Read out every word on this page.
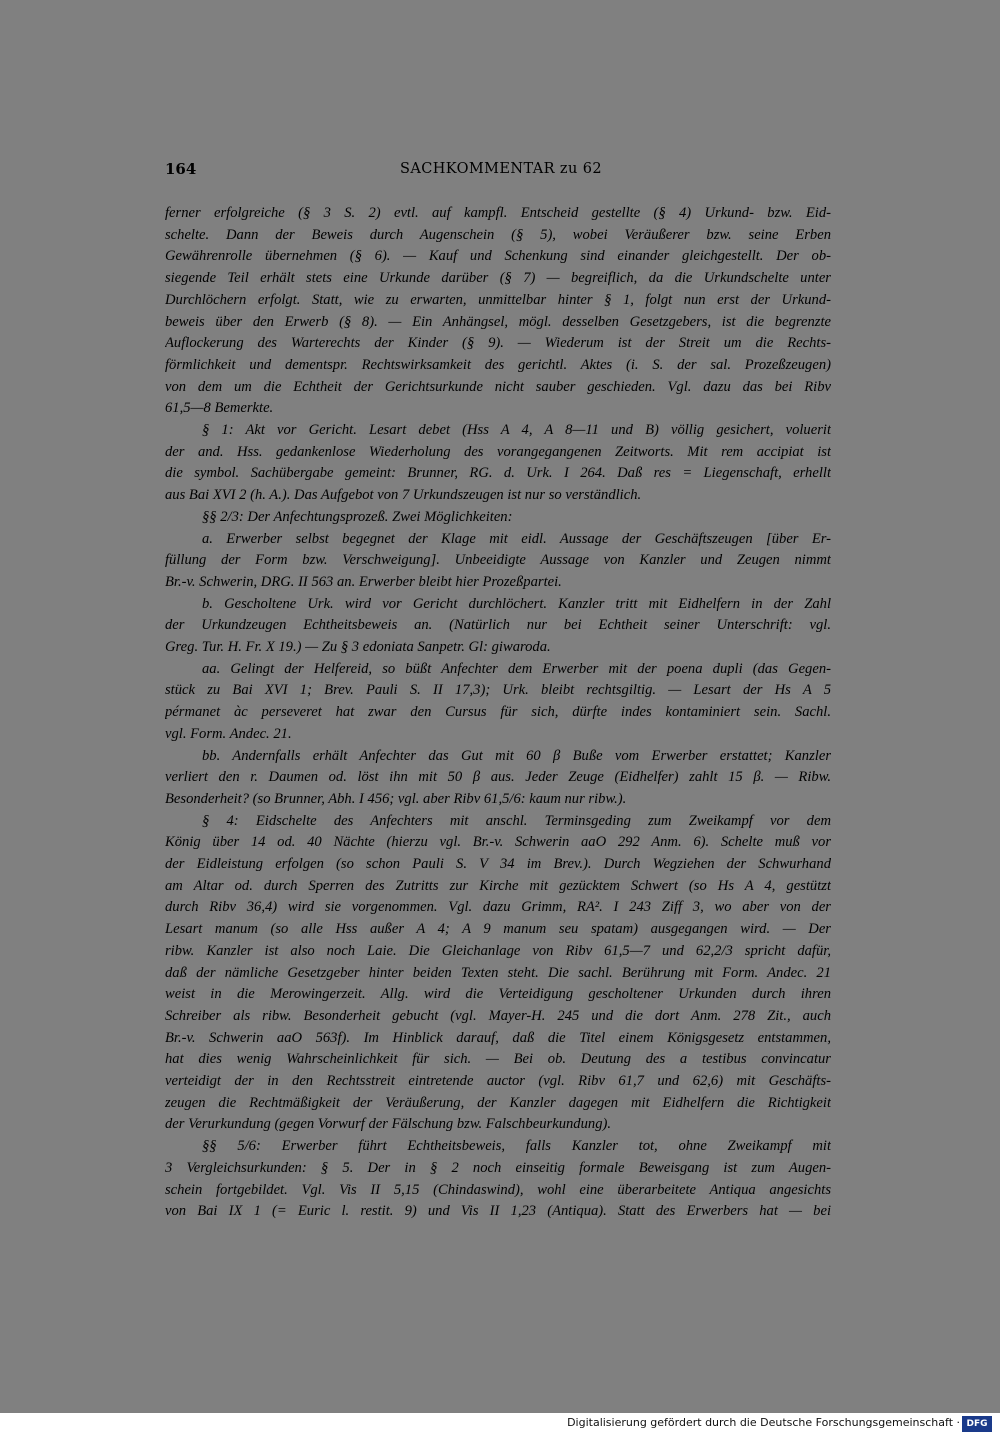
164	SACHKOMMENTAR zu 62
ferner erfolgreiche (§ 3 S. 2) evtl. auf kampfl. Entscheid gestellte (§ 4) Urkund- bzw. Eid-
schelte. Dann der Beweis durch Augenschein (§ 5), wobei Veräußerer bzw. seine Erben
Gewährenrolle übernehmen (§ 6). — Kauf und Schenkung sind einander gleichgestellt. Der ob-
siegende Teil erhält stets eine Urkunde darüber (§ 7) — begreiflich, da die Urkundschelte unter
Durchlöchern erfolgt. Statt, wie zu erwarten, unmittelbar hinter § 1, folgt nun erst der Urkund-
beweis über den Erwerb (§ 8). — Ein Anhängsel, mögl. desselben Gesetzgebers, ist die begrenzte
Auflockerung des Warterechts der Kinder (§ 9). — Wiederum ist der Streit um die Rechts-
förmlichkeit und dementspr. Rechtswirksamkeit des gerichtl. Aktes (i. S. der sal. Prozeßzeugen)
von dem um die Echtheit der Gerichtsurkunde nicht sauber geschieden. Vgl. dazu das bei Ribv
61,5—8 Bemerkte.
§ 1: Akt vor Gericht. Lesart debet (Hss A 4, A 8—11 und B) völlig gesichert, voluerit
der and. Hss. gedankenlose Wiederholung des vorangegangenen Zeitworts. Mit rem accipiat ist
die symbol. Sachübergabe gemeint: Brunner, RG. d. Urk. I 264. Daß res = Liegenschaft, erhellt
aus Bai XVI 2 (h. A.). Das Aufgebot von 7 Urkundszeugen ist nur so verständlich.
§§ 2/3: Der Anfechtungsprozeß. Zwei Möglichkeiten:
a. Erwerber selbst begegnet der Klage mit eidl. Aussage der Geschäftszeugen [über Er-
füllung der Form bzw. Verschweigung]. Unbeeidigte Aussage von Kanzler und Zeugen nimmt
Br.-v. Schwerin, DRG. II 563 an. Erwerber bleibt hier Prozeßpartei.
b. Gescholtene Urk. wird vor Gericht durchlöchert. Kanzler tritt mit Eidhelfern in der Zahl
der Urkundzeugen Echtheitsbeweis an. (Natürlich nur bei Echtheit seiner Unterschrift: vgl.
Greg. Tur. H. Fr. X 19.) — Zu § 3 edoniata Sanpetr. Gl: giwaroda.
aa. Gelingt der Helfereid, so büßt Anfechter dem Erwerber mit der poena dupli (das Gegen-
stück zu Bai XVI 1; Brev. Pauli S. II 17,3); Urk. bleibt rechtsgiltig. — Lesart der Hs A 5
pérmanet àc perseveret hat zwar den Cursus für sich, dürfte indes kontaminiert sein. Sachl.
vgl. Form. Andec. 21.
bb. Andernfalls erhält Anfechter das Gut mit 60 β Buße vom Erwerber erstattet; Kanzler
verliert den r. Daumen od. löst ihn mit 50 β aus. Jeder Zeuge (Eidhelfer) zahlt 15 β. — Ribw.
Besonderheit? (so Brunner, Abh. I 456; vgl. aber Ribv 61,5/6: kaum nur ribw.).
§ 4: Eidschelte des Anfechters mit anschl. Terminsgeding zum Zweikampf vor dem
König über 14 od. 40 Nächte (hierzu vgl. Br.-v. Schwerin aaO 292 Anm. 6). Schelte muß vor
der Eidleistung erfolgen (so schon Pauli S. V 34 im Brev.). Durch Wegziehen der Schwurhand
am Altar od. durch Sperren des Zutritts zur Kirche mit gezücktem Schwert (so Hs A 4, gestützt
durch Ribv 36,4) wird sie vorgenommen. Vgl. dazu Grimm, RA². I 243 Ziff 3, wo aber von der
Lesart manum (so alle Hss außer A 4; A 9 manum seu spatam) ausgegangen wird. — Der
ribw. Kanzler ist also noch Laie. Die Gleichanlage von Ribv 61,5—7 und 62,2/3 spricht dafür,
daß der nämliche Gesetzgeber hinter beiden Texten steht. Die sachl. Berührung mit Form. Andec. 21
weist in die Merowingerzeit. Allg. wird die Verteidigung gescholtener Urkunden durch ihren
Schreiber als ribw. Besonderheit gebucht (vgl. Mayer-H. 245 und die dort Anm. 278 Zit., auch
Br.-v. Schwerin aaO 563f). Im Hinblick darauf, daß die Titel einem Königsgesetz entstammen,
hat dies wenig Wahrscheinlichkeit für sich. — Bei ob. Deutung des a testibus convincatur
verteidigt der in den Rechtsstreit eintretende auctor (vgl. Ribv 61,7 und 62,6) mit Geschäfts-
zeugen die Rechtmäßigkeit der Veräußerung, der Kanzler dagegen mit Eidhelfern die Richtigkeit
der Verurkundung (gegen Vorwurf der Fälschung bzw. Falschbeurkundung).
§§ 5/6: Erwerber führt Echtheitsbeweis, falls Kanzler tot, ohne Zweikampf mit
3 Vergleichsurkunden: § 5. Der in § 2 noch einseitig formale Beweisgang ist zum Augen-
schein fortgebildet. Vgl. Vis II 5,15 (Chindaswind), wohl eine überarbeitete Antiqua angesichts
von Bai IX 1 (= Euric l. restit. 9) und Vis II 1,23 (Antiqua). Statt des Erwerbers hat — bei
Digitalisierung gefördert durch die Deutsche Forschungsgemeinschaft · DFG
